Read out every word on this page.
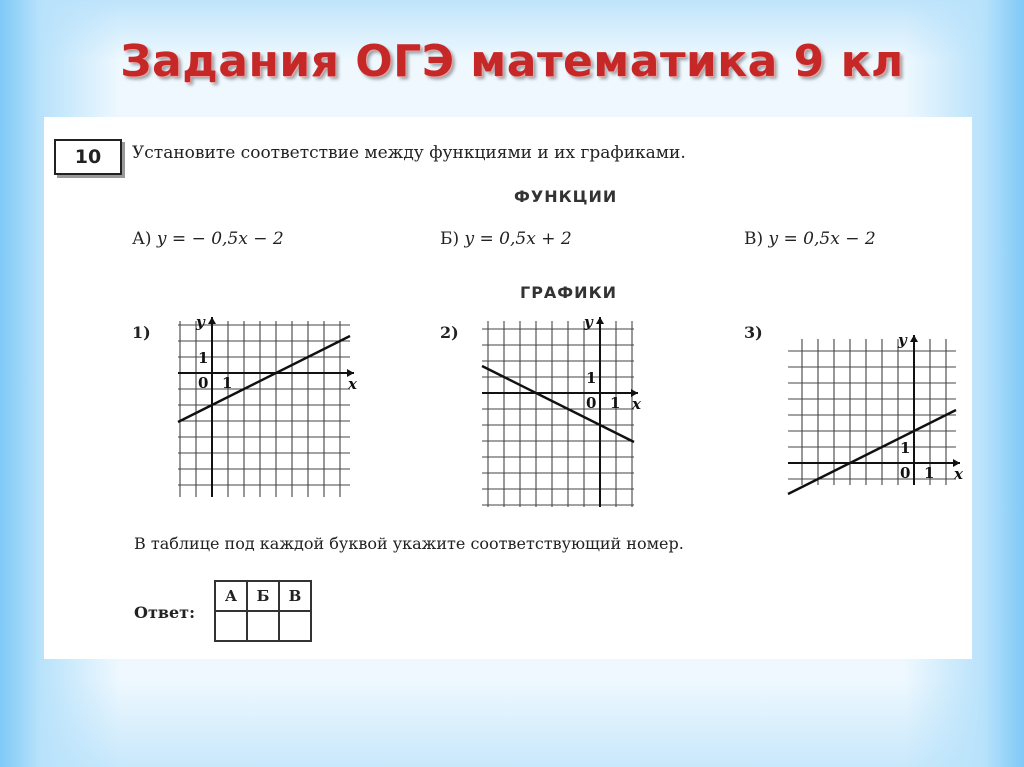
Задания ОГЭ математика 9 кл
10	Установите соответствие между функциями и их графиками.
ФУНКЦИИ
А) y = − 0,5x − 2	Б) y = 0,5x + 2	В) y = 0,5x − 2
ГРАФИКИ
1)	2)	3)
0 1
1
x
y
0 1
1
x
y
0 1
1
x
y
В таблице под каждой буквой укажите соответствующий номер.
Ответ:
А	Б	В
